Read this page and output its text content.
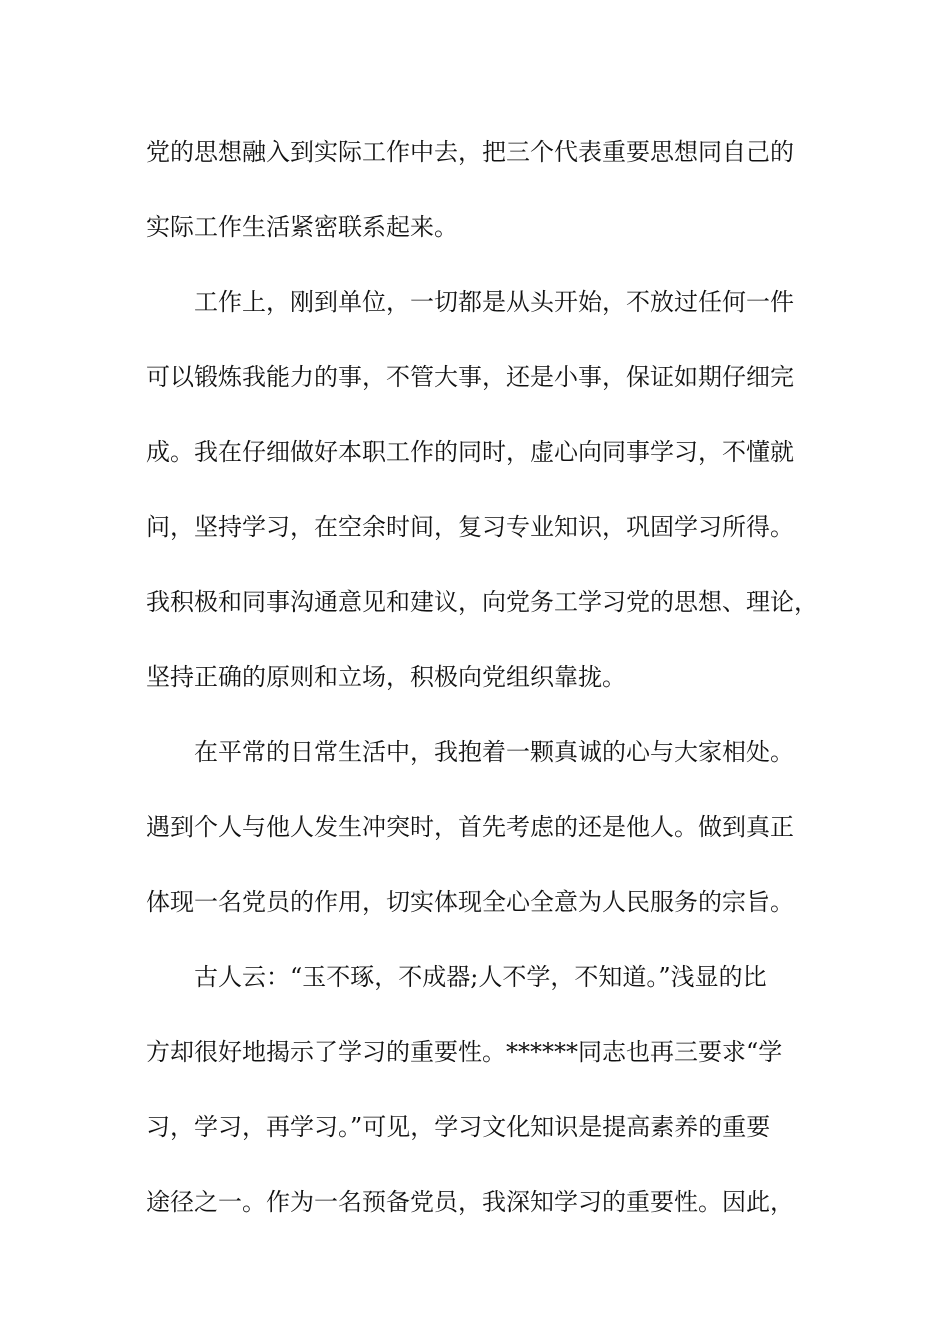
党的思想融入到实际工作中去，把三个代表重要思想同自己的
实际工作生活紧密联系起来。
工作上，刚到单位，一切都是从头开始，不放过任何一件
可以锻炼我能力的事，不管大事，还是小事，保证如期仔细完
成。我在仔细做好本职工作的同时，虚心向同事学习，不懂就
问，坚持学习，在空余时间，复习专业知识，巩固学习所得。
我积极和同事沟通意见和建议，向党务工学习党的思想、理论，
坚持正确的原则和立场，积极向党组织靠拢。
在平常的日常生活中，我抱着一颗真诚的心与大家相处。
遇到个人与他人发生冲突时，首先考虑的还是他人。做到真正
体现一名党员的作用，切实体现全心全意为人民服务的宗旨。
古人云：“玉不琢，不成器;人不学，不知道。”浅显的比
方却很好地揭示了学习的重要性。******同志也再三要求“学
习，学习，再学习。”可见，学习文化知识是提高素养的重要
途径之一。作为一名预备党员，我深知学习的重要性。因此，
